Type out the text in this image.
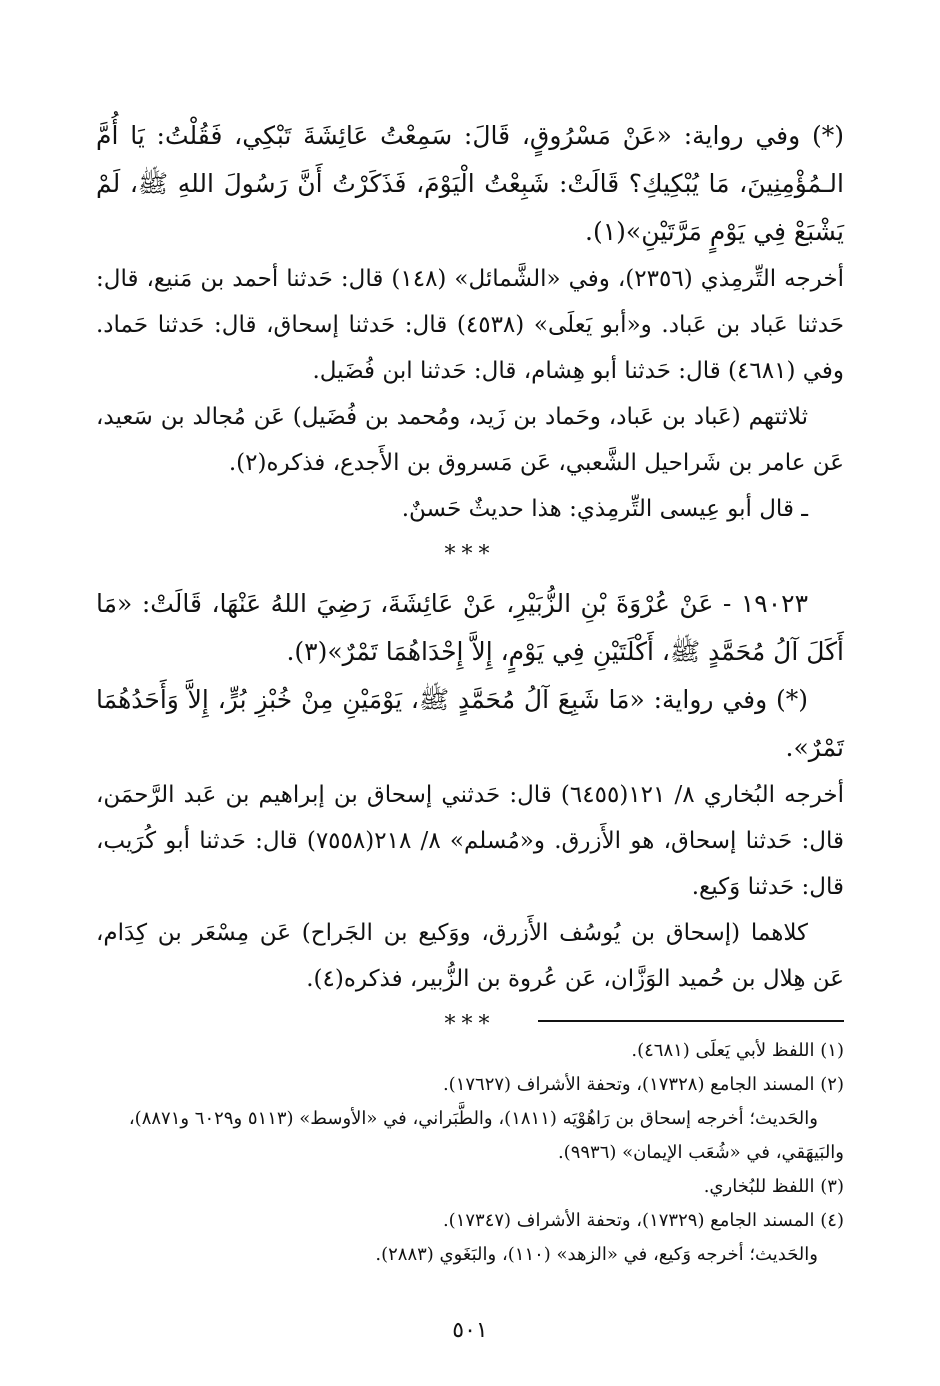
(*) وفي رواية: «عَنْ مَسْرُوقٍ، قَالَ: سَمِعْتُ عَائِشَةَ تَبْكِي، فَقُلْتُ: يَا أُمَّ الـمُؤْمِنِينَ، مَا يُبْكِيكِ؟ قَالَتْ: شَبِعْتُ الْيَوْمَ، فَذَكَرْتُ أَنَّ رَسُولَ اللهِ ﷺ، لَمْ يَشْبَعْ فِي يَوْمٍ مَرَّتَيْنِ»(١).

أخرجه التِّرمِذي (٢٣٥٦)، وفي «الشَّمائل» (١٤٨) قال: حَدثنا أحمد بن مَنيع، قال: حَدثنا عَباد بن عَباد. و«أبو يَعلَى» (٤٥٣٨) قال: حَدثنا إسحاق، قال: حَدثنا حَماد. وفي (٤٦٨١) قال: حَدثنا أبو هِشام، قال: حَدثنا ابن فُضَيل.

ثلاثتهم (عَباد بن عَباد، وحَماد بن زَيد، ومُحمد بن فُضَيل) عَن مُجالد بن سَعيد، عَن عامر بن شَراحيل الشَّعبي، عَن مَسروق بن الأَجدع، فذكره(٢).

ـ قال أبو عِيسى التِّرمِذي: هذا حديثٌ حَسنٌ.

***

١٩٠٢٣ - عَنْ عُرْوَةَ بْنِ الزُّبَيْرِ، عَنْ عَائِشَةَ، رَضِيَ اللهُ عَنْهَا، قَالَتْ: «مَا أَكَلَ آلُ مُحَمَّدٍ ﷺ، أَكْلَتَيْنِ فِي يَوْمٍ، إِلاَّ إِحْدَاهُمَا تَمْرٌ»(٣).

(*) وفي رواية: «مَا شَبِعَ آلُ مُحَمَّدٍ ﷺ، يَوْمَيْنِ مِنْ خُبْزِ بُرٍّ، إِلاَّ وَأَحَدُهُمَا تَمْرٌ».

أخرجه البُخاري ٨/ ١٢١(٦٤٥٥) قال: حَدثني إسحاق بن إبراهيم بن عَبد الرَّحمَن، قال: حَدثنا إسحاق، هو الأَزرق. و«مُسلم» ٨/ ٢١٨(٧٥٥٨) قال: حَدثنا أبو كُرَيب، قال: حَدثنا وَكيع.

كلاهما (إسحاق بن يُوسُف الأَزرق، ووَكيع بن الجَراح) عَن مِسْعَر بن كِدَام، عَن هِلال بن حُميد الوَزَّان، عَن عُروة بن الزُّبير، فذكره(٤).

***

(١) اللفظ لأبي يَعلَى (٤٦٨١).

(٢) المسند الجامع (١٧٣٢٨)، وتحفة الأشراف (١٧٦٢٧).

والحَديث؛ أخرجه إسحاق بن رَاهُوْيَه (١٨١١)، والطَّبَراني، في «الأوسط» (٥١١٣ و٦٠٢٩ و٨٨٧١)، والبَيهَقي، في «شُعَب الإيمان» (٩٩٣٦).

(٣) اللفظ للبُخاري.

(٤) المسند الجامع (١٧٣٢٩)، وتحفة الأشراف (١٧٣٤٧).

والحَديث؛ أخرجه وَكيع، في «الزهد» (١١٠)، والبَغَوي (٢٨٨٣).

٥٠١
